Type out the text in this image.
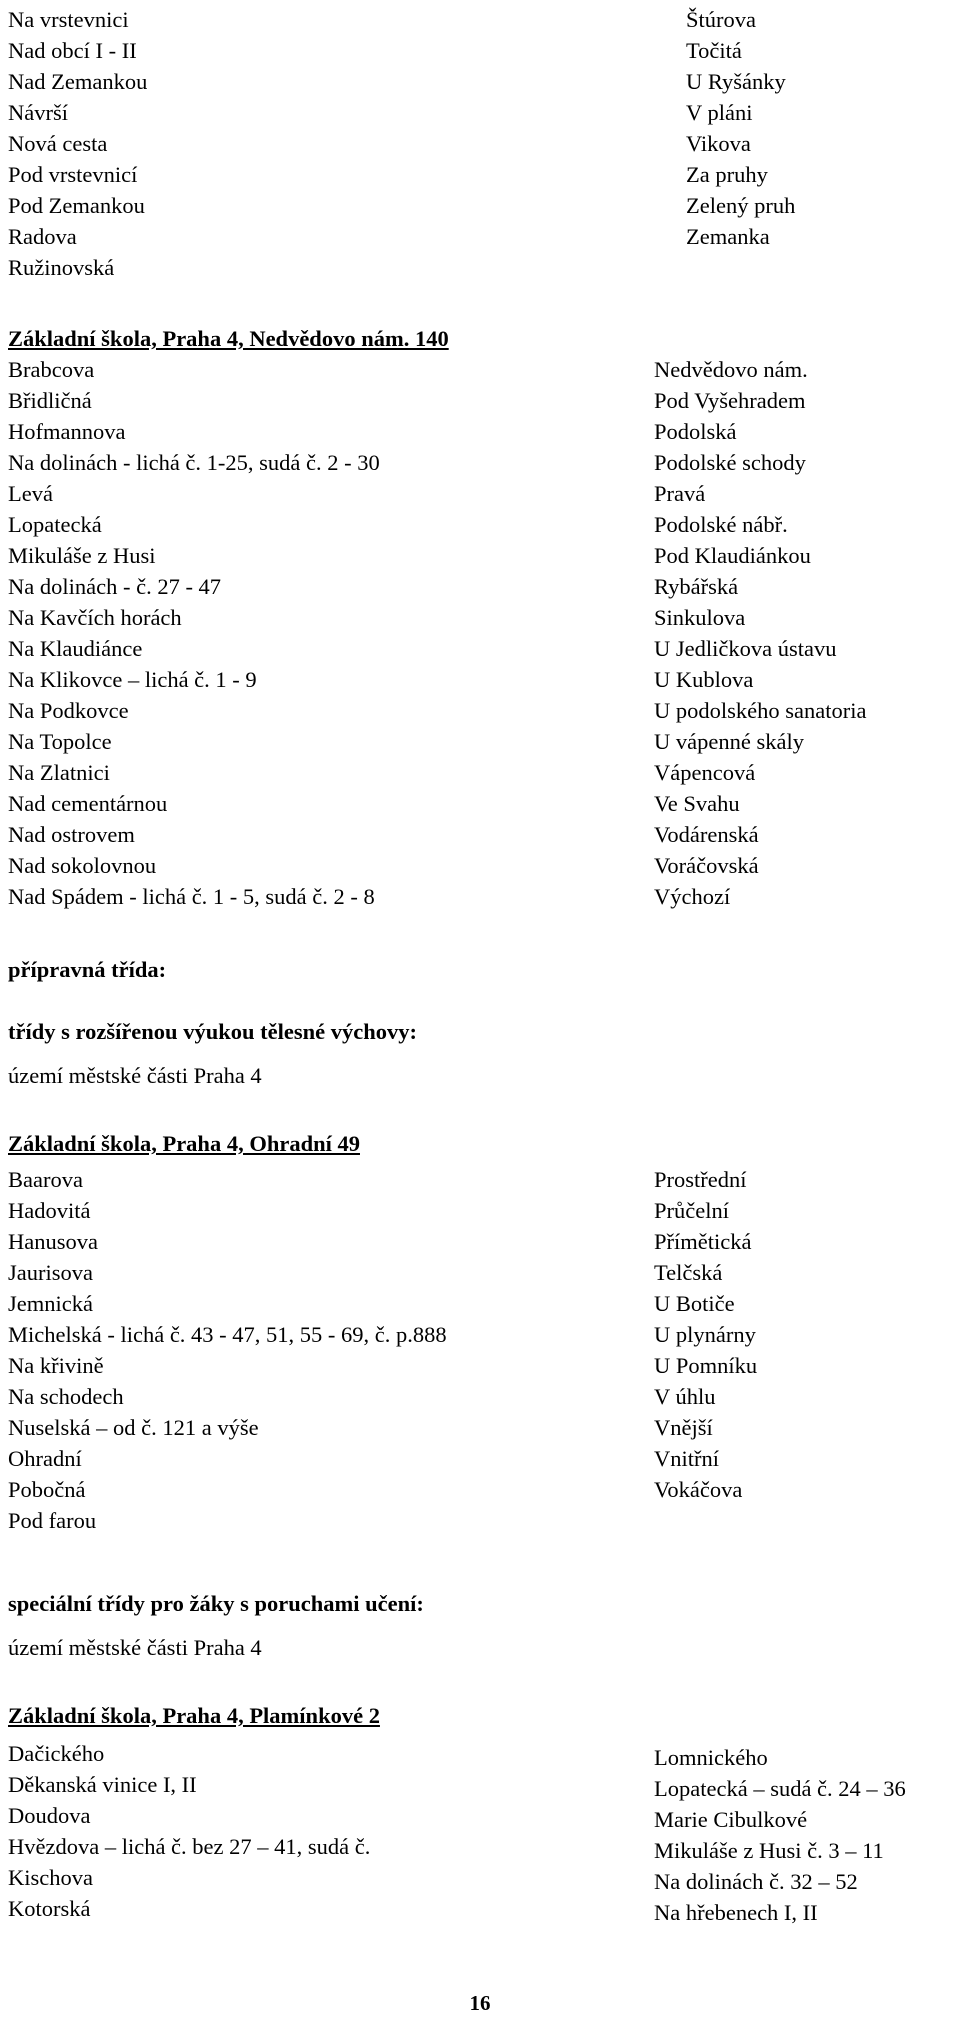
Na vrstevnici
Nad obcí I - II
Nad Zemankou
Návrší
Nová cesta
Pod vrstevnicí
Pod Zemankou
Radova
Ružinovská
Štúrova
Točitá
U Ryšánky
V pláni
Vikova
Za pruhy
Zelený pruh
Zemanka
Základní škola, Praha 4, Nedvědovo nám. 140
Brabcova
Břidličná
Hofmannova
Na dolinách - lichá č. 1-25, sudá č. 2 - 30
Levá
Lopatecká
Mikuláše z Husi
Na dolinách - č. 27 - 47
Na Kavčích horách
Na Klaudiánce
Na Klikovce – lichá č. 1 - 9
Na Podkovce
Na Topolce
Na Zlatnici
Nad cementárnou
Nad ostrovem
Nad sokolovnou
Nad Spádem - lichá č. 1 - 5, sudá č. 2 - 8
Nedvědovo nám.
Pod Vyšehradem
Podolská
Podolské schody
Pravá
Podolské nábř.
Pod Klaudiánkou
Rybářská
Sinkulova
U Jedličkova ústavu
U Kublova
U podolského sanatoria
U vápenné skály
Vápencová
Ve Svahu
Vodárenská
Voráčovská
Výchozí
přípravná třída:
třídy s rozšířenou výukou tělesné výchovy:
území městské části Praha 4
Základní škola, Praha 4, Ohradní 49
Baarova
Hadovitá
Hanusova
Jaurisova
Jemnická
Michelská - lichá č. 43 - 47, 51, 55 - 69, č. p.888
Na křivině
Na schodech
Nuselská – od č. 121 a výše
Ohradní
Pobočná
Pod farou
Prostřední
Průčelní
Přímětická
Telčská
U Botiče
U plynárny
U Pomníku
V úhlu
Vnější
Vnitřní
Vokáčova
speciální třídy pro žáky s poruchami učení:
území městské části Praha 4
Základní škola, Praha 4, Plamínkové 2
Dačického
Děkanská vinice I, II
Doudova
Hvězdova – lichá č. bez 27 – 41, sudá č.
Kischova
Kotorská
Lomnického
Lopatecká – sudá č. 24 – 36
Marie Cibulkové
Mikuláše z Husi č. 3 – 11
Na dolinách č. 32 – 52
Na hřebenech I, II
16
